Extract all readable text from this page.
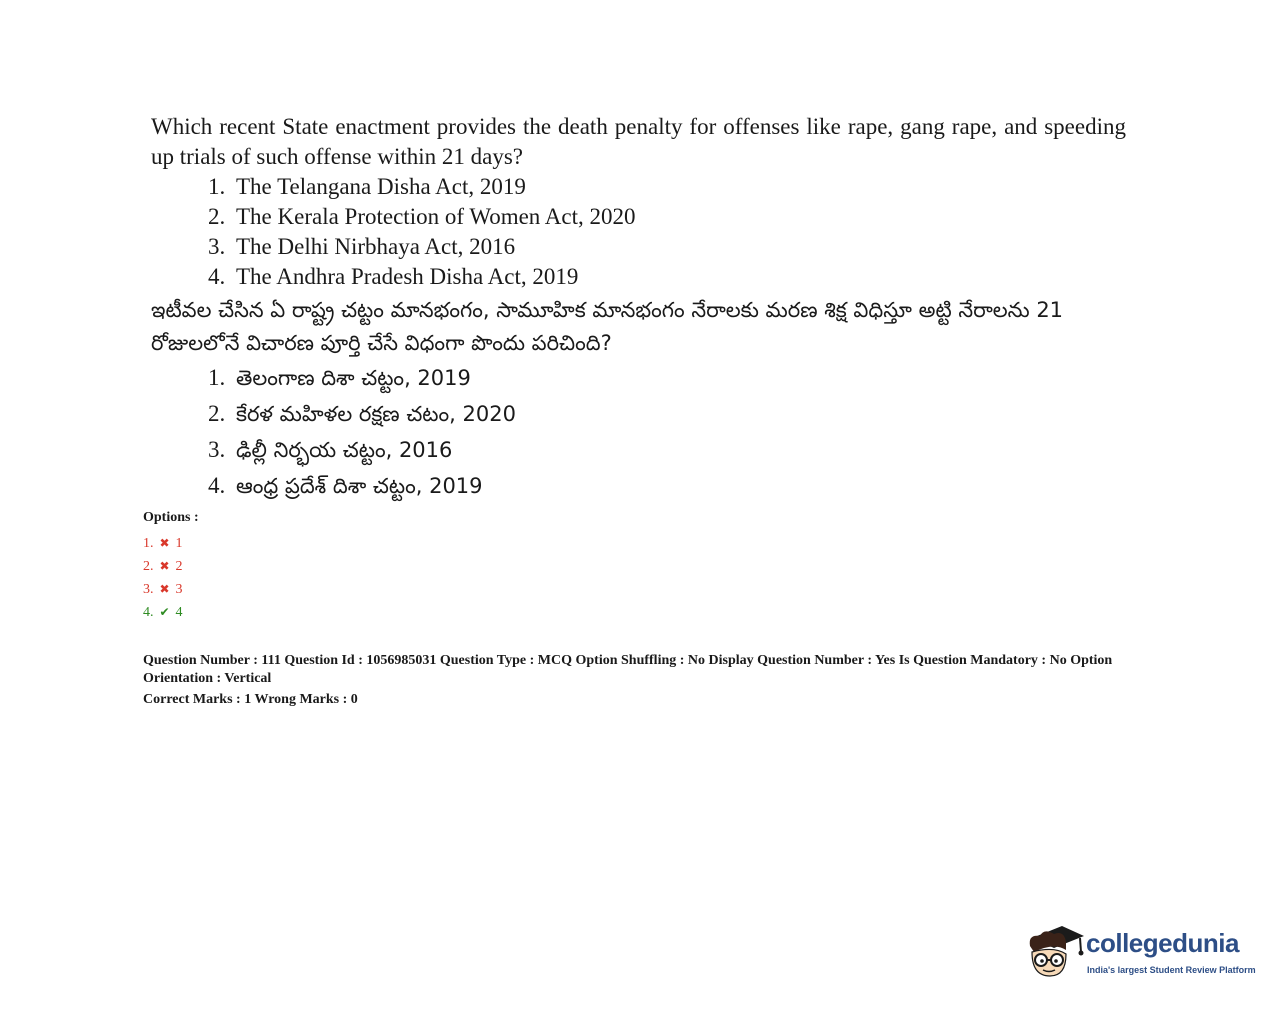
Which recent State enactment provides the death penalty for offenses like rape, gang rape, and speeding up trials of such offense within 21 days?

1. The Telangana Disha Act, 2019
2. The Kerala Protection of Women Act, 2020
3. The Delhi Nirbhaya Act, 2016
4. The Andhra Pradesh Disha Act, 2019

ఇటీవల చేసిన ఏ రాష్ట్ర చట్టం మానభంగం, సామూహిక మానభంగం నేరాలకు మరణ శిక్ష విధిస్తూ అట్టి నేరాలను 21 రోజులలోనే విచారణ పూర్తి చేసే విధంగా పొందు పరిచింది?

1. తెలంగాణ దిశా చట్టం, 2019
2. కేరళ మహిళల రక్షణ చటం, 2020
3. ఢిల్లీ నిర్భయ చట్టం, 2016
4. ఆంధ్ర ప్రదేశ్ దిశా చట్టం, 2019
Options :
1. ✖ 1
2. ✖ 2
3. ✖ 3
4. ✔ 4
Question Number : 111 Question Id : 1056985031 Question Type : MCQ Option Shuffling : No Display Question Number : Yes Is Question Mandatory : No Option Orientation : Vertical
Correct Marks : 1 Wrong Marks : 0
collegedunia
India's largest Student Review Platform
